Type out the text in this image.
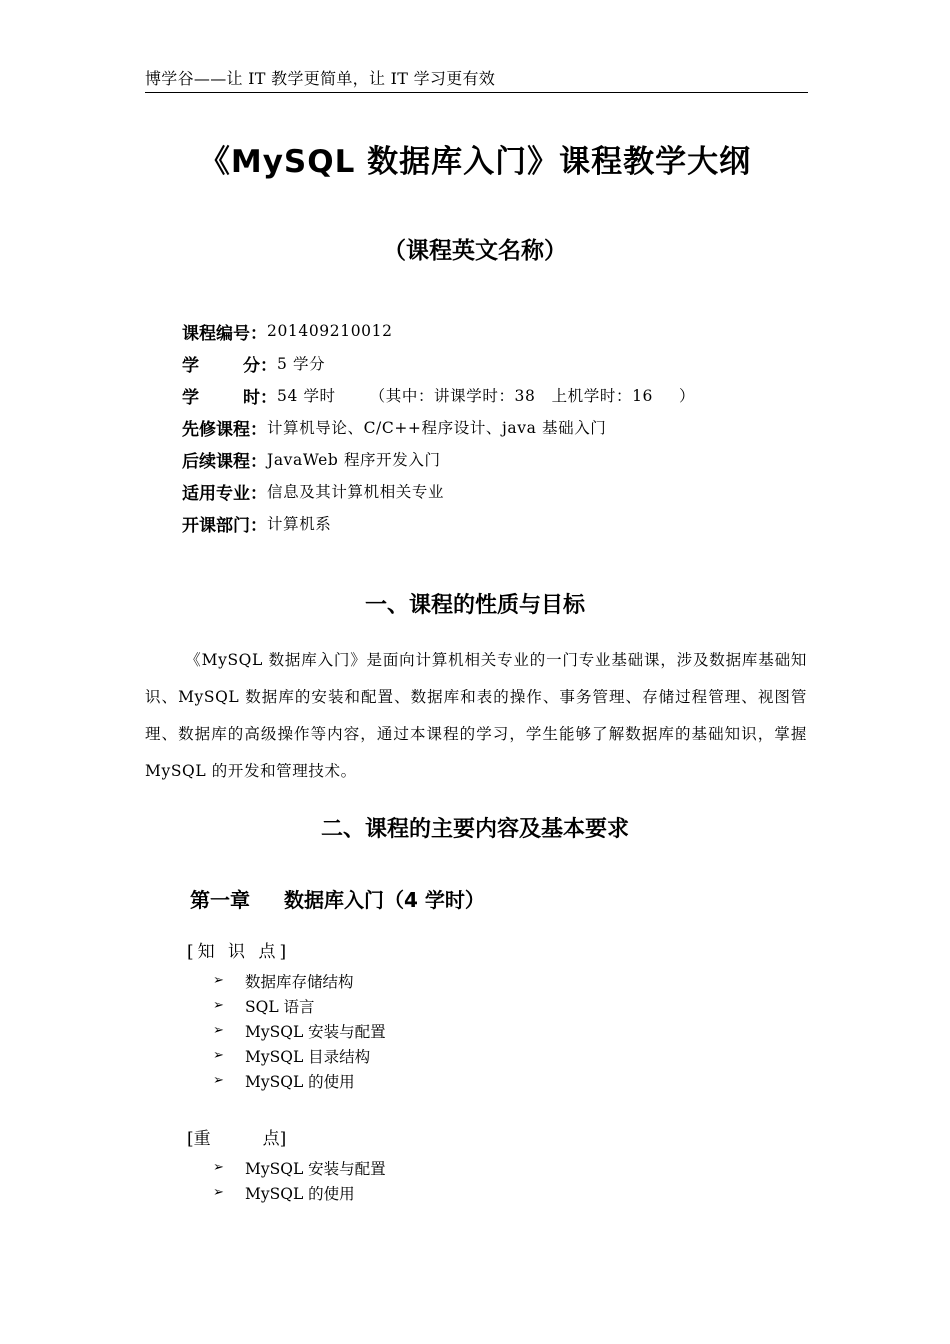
博学谷——让 IT 教学更简单，让 IT 学习更有效
《MySQL 数据库入门》课程教学大纲
（课程英文名称）
课程编号 ： 201409210012
学	分 ： 5 学分
学	时 ： 54 学时 （其中：讲课学时：38　上机学时：16 ）
先修课程 ： 计算机导论、C/C++程序设计、java 基础入门
后续课程 ： JavaWeb 程序开发入门
适用专业 ： 信息及其计算机相关专业
开课部门 ： 计算机系
一、课程的性质与目标
《MySQL 数据库入门》是面向计算机相关专业的一门专业基础课，涉及数据库基础知识、MySQL 数据库的安装和配置、数据库和表的操作、事务管理、存储过程管理、视图管理、数据库的高级操作等内容，通过本课程的学习，学生能够了解数据库的基础知识，掌握 MySQL 的开发和管理技术。
二、课程的主要内容及基本要求
第一章 数据库入门（4 学时）
[知 识 点]
➢	数据库存储结构
➢	SQL 语言
➢	MySQL 安装与配置
➢	MySQL 目录结构
➢	MySQL 的使用
[重	点]
➢	MySQL 安装与配置
➢	MySQL 的使用
